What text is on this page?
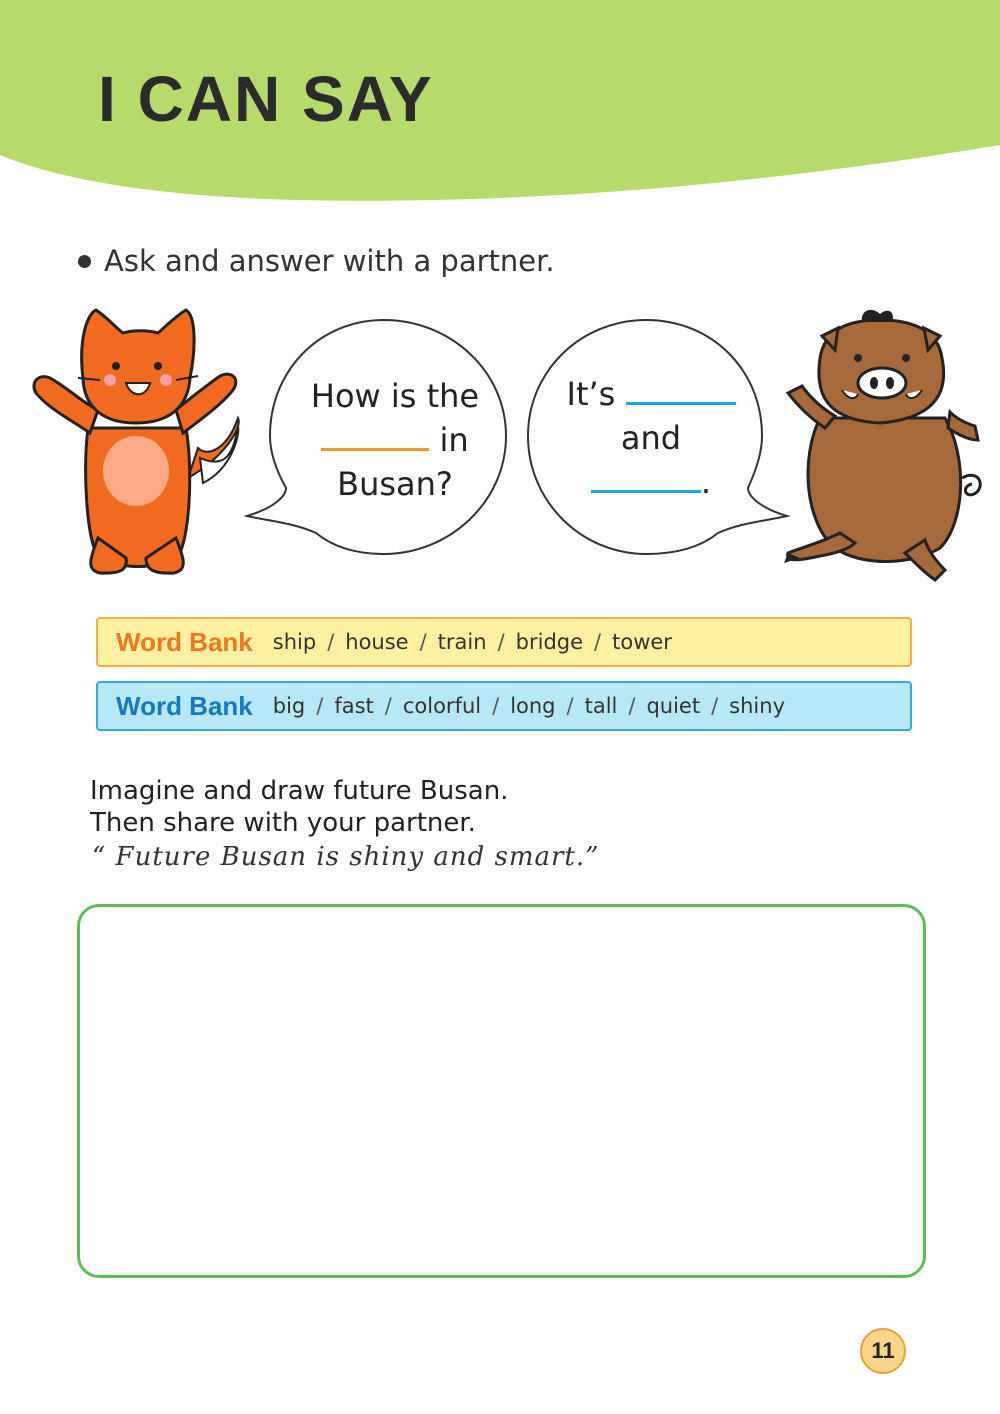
I CAN SAY
Ask and answer with a partner.
How is the
in
Busan?
It’s
and
.
Word Bank ship / house / train / bridge / tower
Word Bank big / fast / colorful / long / tall / quiet / shiny
Imagine and draw future Busan.
Then share with your partner.
“ Future Busan is shiny and smart.”
11
